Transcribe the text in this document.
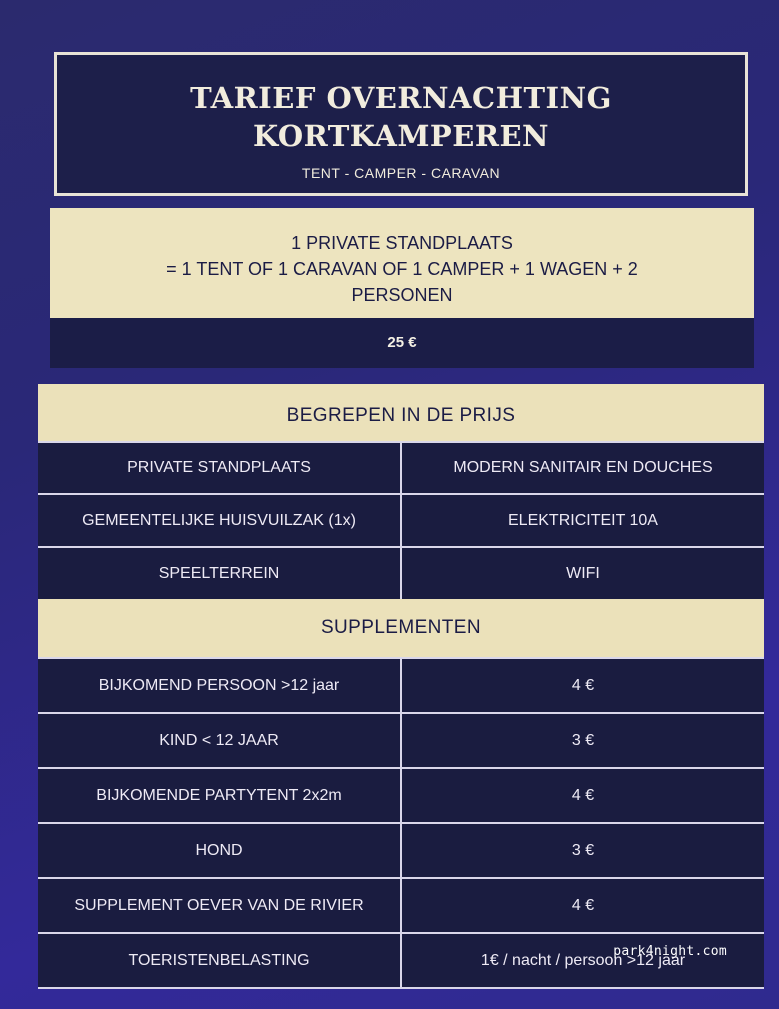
TARIEF OVERNACHTING
KORTKAMPEREN
TENT - CAMPER - CARAVAN
1 PRIVATE STANDPLAATS
= 1 TENT OF 1 CARAVAN OF 1 CAMPER + 1 WAGEN + 2
PERSONEN
25 €
BEGREPEN IN DE PRIJS
PRIVATE STANDPLAATS	MODERN SANITAIR EN DOUCHES
GEMEENTELIJKE HUISVUILZAK (1x)	ELEKTRICITEIT 10A
SPEELTERREIN	WIFI
SUPPLEMENTEN
BIJKOMEND PERSOON >12 jaar	4 €
KIND < 12 JAAR	3 €
BIJKOMENDE PARTYTENT 2x2m	4 €
HOND	3 €
SUPPLEMENT OEVER VAN DE RIVIER	4 €
TOERISTENBELASTING	1€ / nacht / persoon >12 jaar
park4night.com
